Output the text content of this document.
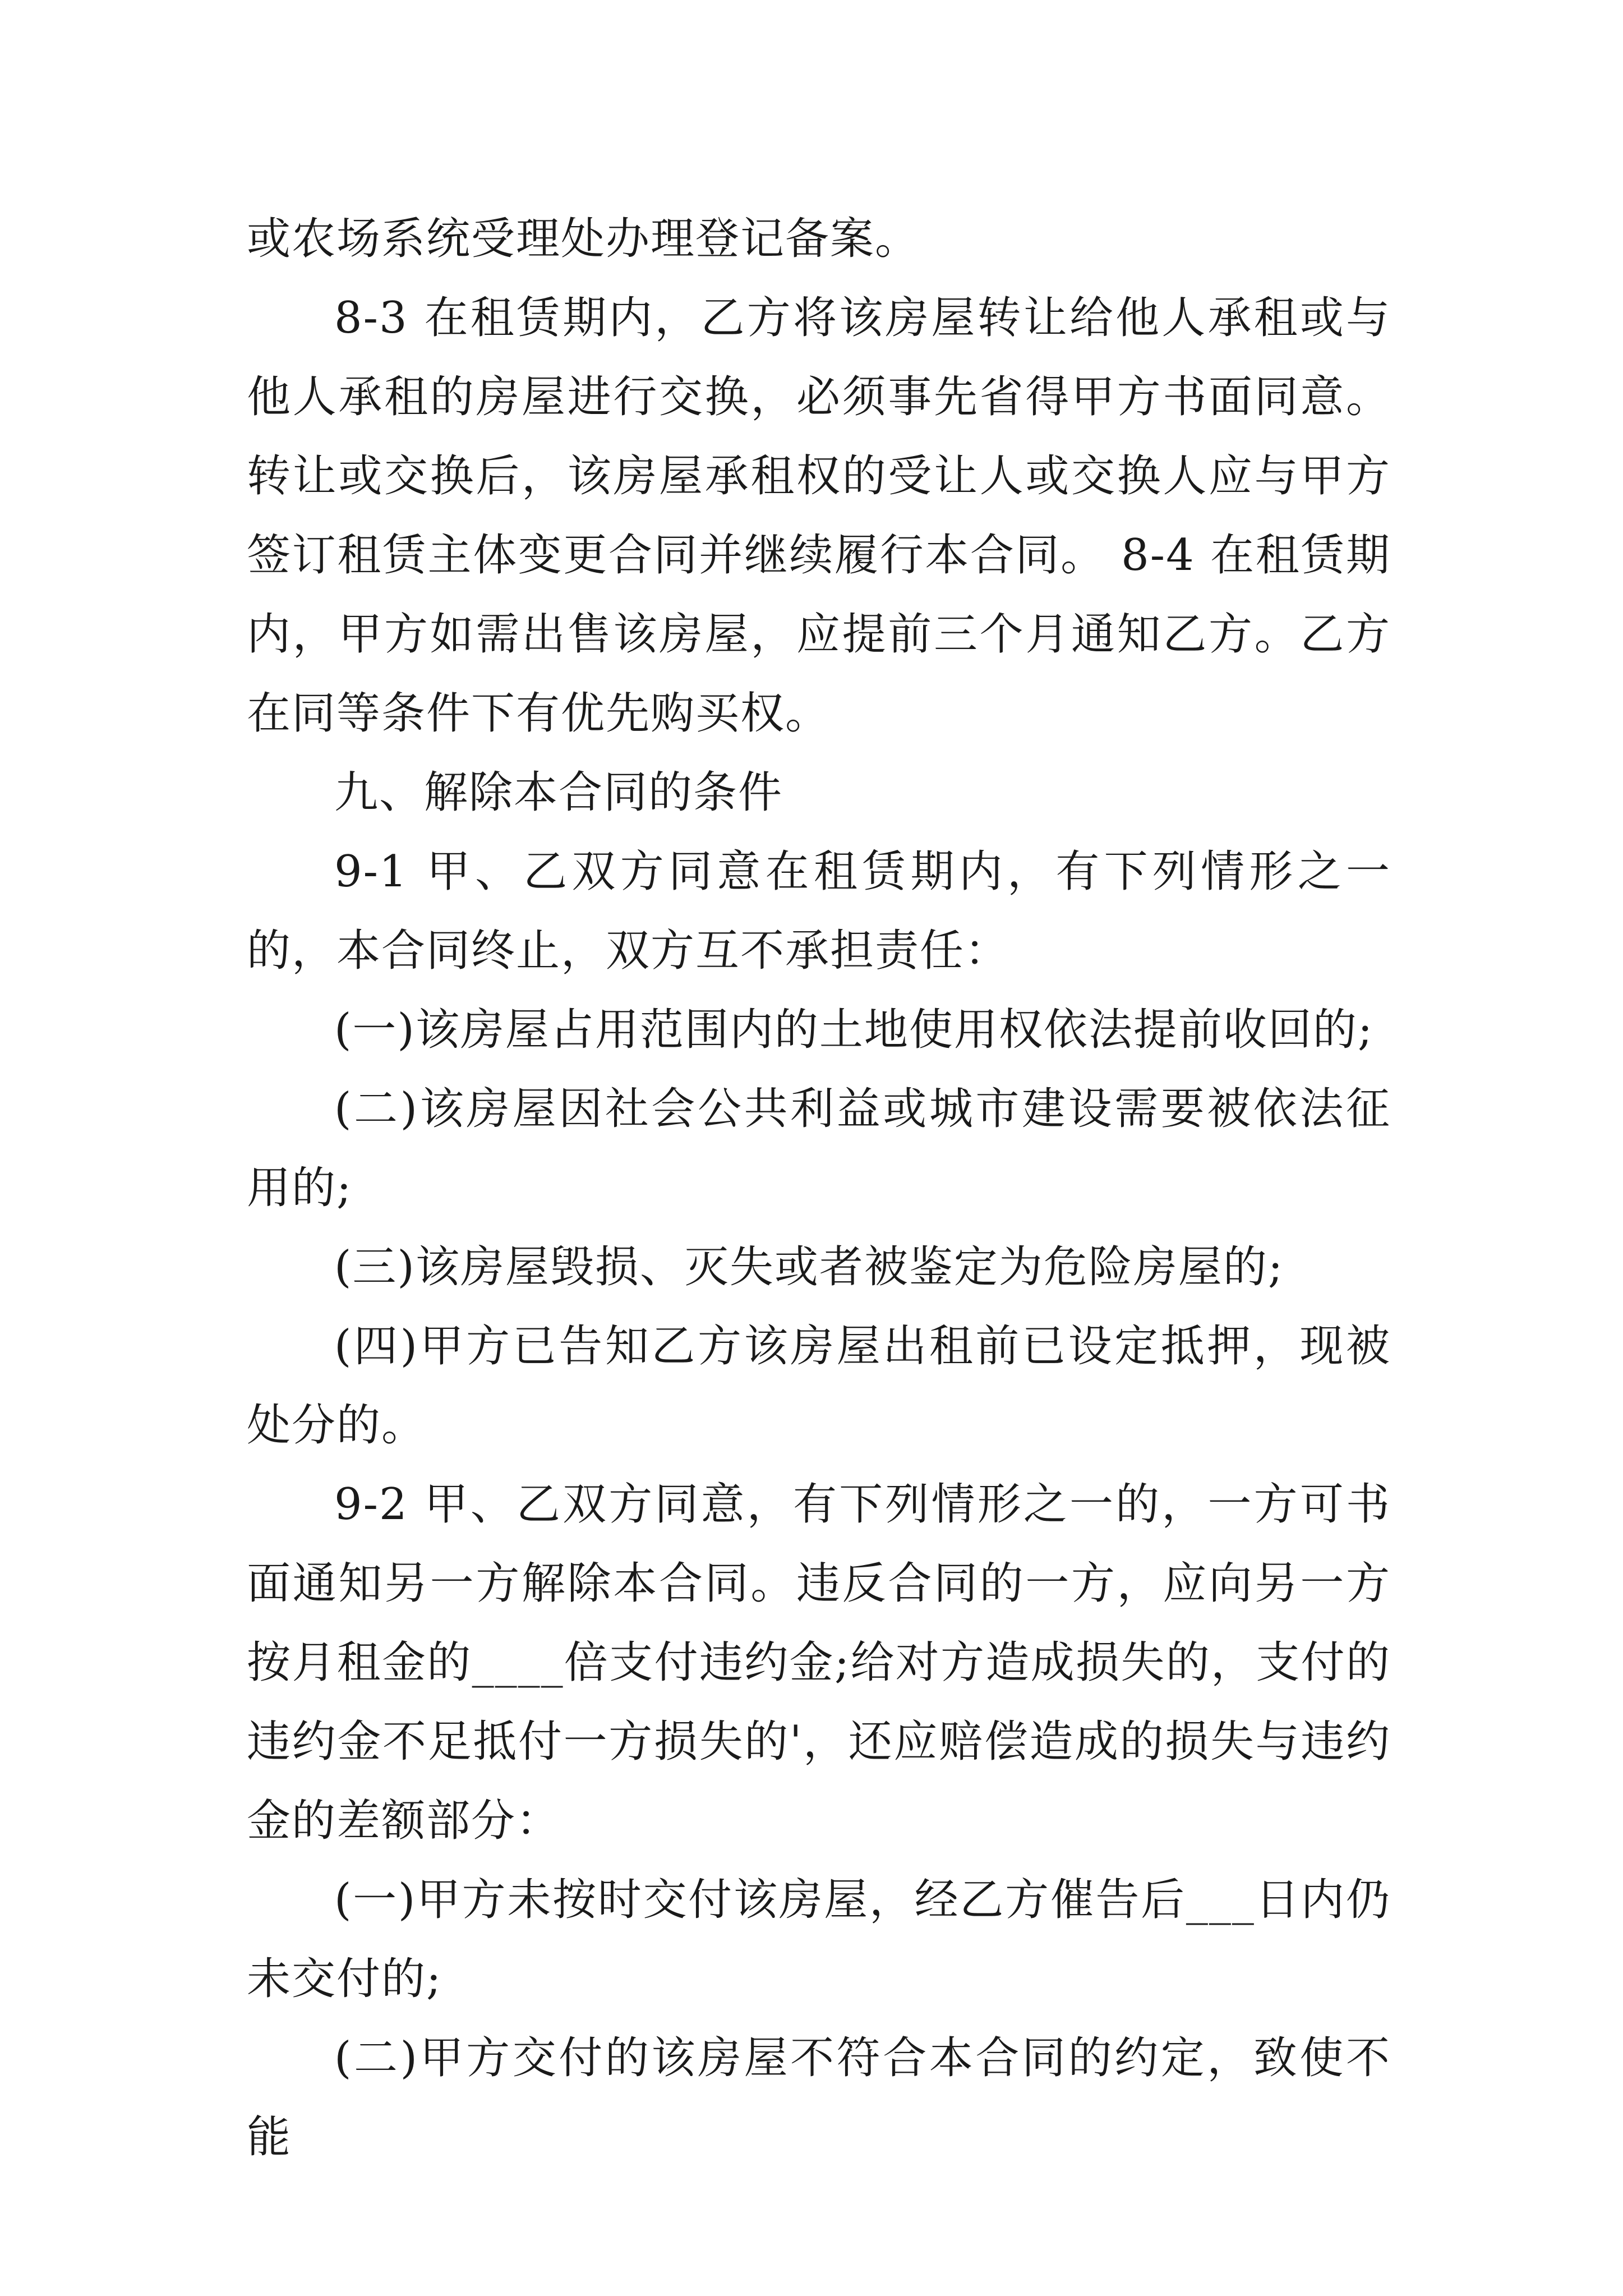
或农场系统受理处办理登记备案。

8-3 在租赁期内，乙方将该房屋转让给他人承租或与他人承租的房屋进行交换，必须事先省得甲方书面同意。转让或交换后，该房屋承租权的受让人或交换人应与甲方签订租赁主体变更合同并继续履行本合同。 8-4 在租赁期内，甲方如需出售该房屋，应提前三个月通知乙方。乙方在同等条件下有优先购买权。

九、解除本合同的条件

9-1 甲、乙双方同意在租赁期内，有下列情形之一的，本合同终止，双方互不承担责任：

(一)该房屋占用范围内的土地使用权依法提前收回的;

(二)该房屋因社会公共利益或城市建设需要被依法征用的;

(三)该房屋毁损、灭失或者被鉴定为危险房屋的;

(四)甲方已告知乙方该房屋出租前已设定抵押，现被处分的。

9-2 甲、乙双方同意，有下列情形之一的，一方可书面通知另一方解除本合同。违反合同的一方，应向另一方按月租金的____倍支付违约金;给对方造成损失的，支付的违约金不足抵付一方损失的'，还应赔偿造成的损失与违约金的差额部分：

(一)甲方未按时交付该房屋，经乙方催告后___日内仍未交付的;

(二)甲方交付的该房屋不符合本合同的约定，致使不能
